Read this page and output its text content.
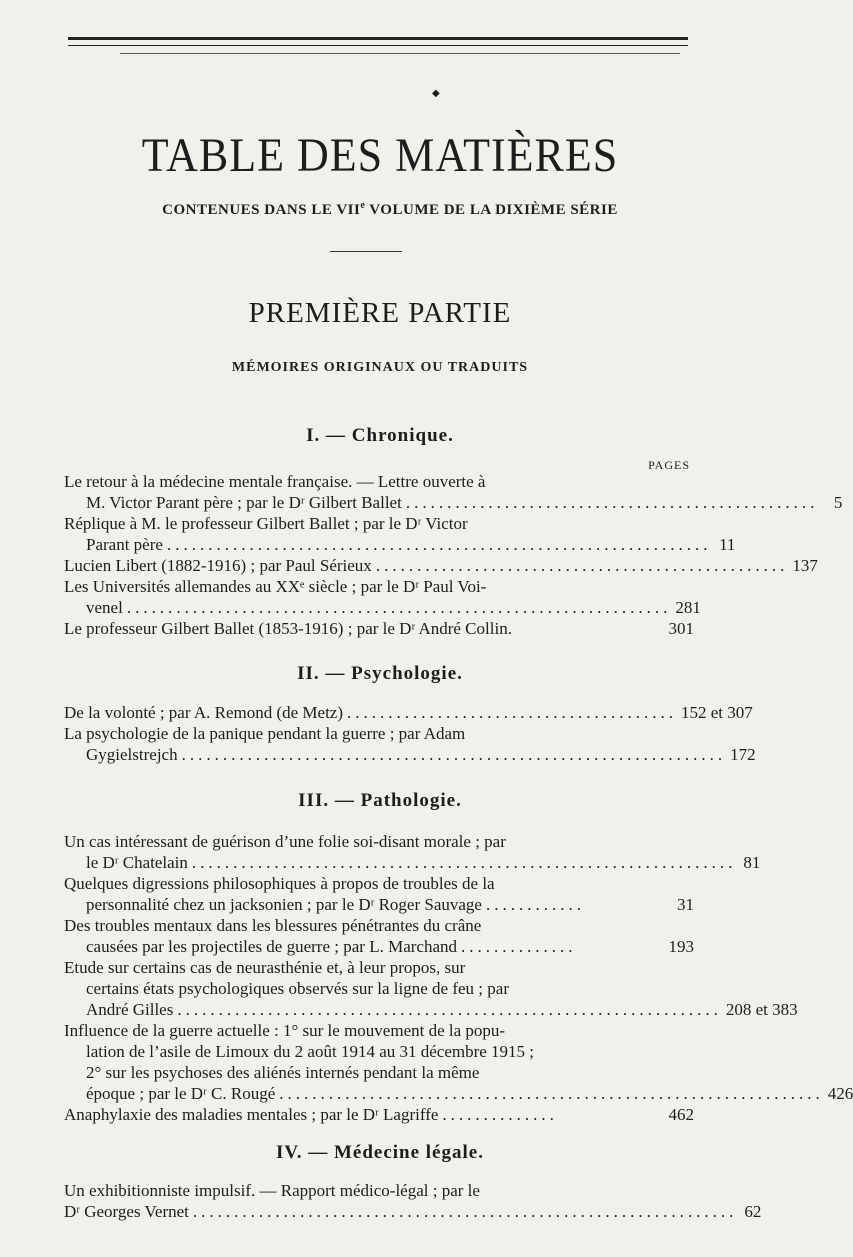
◆
TABLE DES MATIÈRES
CONTENUES DANS LE VIIe VOLUME DE LA DIXIÈME SÉRIE
PREMIÈRE PARTIE
MÉMOIRES ORIGINAUX OU TRADUITS
I. — Chronique.
PAGES
Le retour à la médecine mentale française. — Lettre ouverte à
M. Victor Parant père ; par le Dʳ Gilbert Ballet .................................................. 5
Réplique à M. le professeur Gilbert Ballet ; par le Dʳ Victor
Parant père .................................................................. 11
Lucien Libert (1882-1916) ; par Paul Sérieux .................................................. 137
Les Universités allemandes au XXᵉ siècle ; par le Dʳ Paul Voi-
venel .................................................................. 281
Le professeur Gilbert Ballet (1853-1916) ; par le Dʳ André Collin.	301
II. — Psychologie.
De la volonté ; par A. Remond (de Metz) ........................................ 152 et 307
La psychologie de la panique pendant la guerre ; par Adam
Gygielstrejch .................................................................. 172
III. — Pathologie.
Un cas intéressant de guérison d’une folie soi-disant morale ; par
le Dʳ Chatelain .................................................................. 81
Quelques digressions philosophiques à propos de troubles de la
personnalité chez un jacksonien ; par le Dʳ Roger Sauvage ............	31
Des troubles mentaux dans les blessures pénétrantes du crâne
causées par les projectiles de guerre ; par L. Marchand ..............	193
Etude sur certains cas de neurasthénie et, à leur propos, sur
certains états psychologiques observés sur la ligne de feu ; par
André Gilles .................................................................. 208 et 383
Influence de la guerre actuelle : 1° sur le mouvement de la popu-
lation de l’asile de Limoux du 2 août 1914 au 31 décembre 1915 ;
2° sur les psychoses des aliénés internés pendant la même
époque ; par le Dʳ C. Rougé .................................................................. 426
Anaphylaxie des maladies mentales ; par le Dʳ Lagriffe ..............	462
IV. — Médecine légale.
Un exhibitionniste impulsif. — Rapport médico-légal ; par le
Dʳ Georges Vernet .................................................................. 62
